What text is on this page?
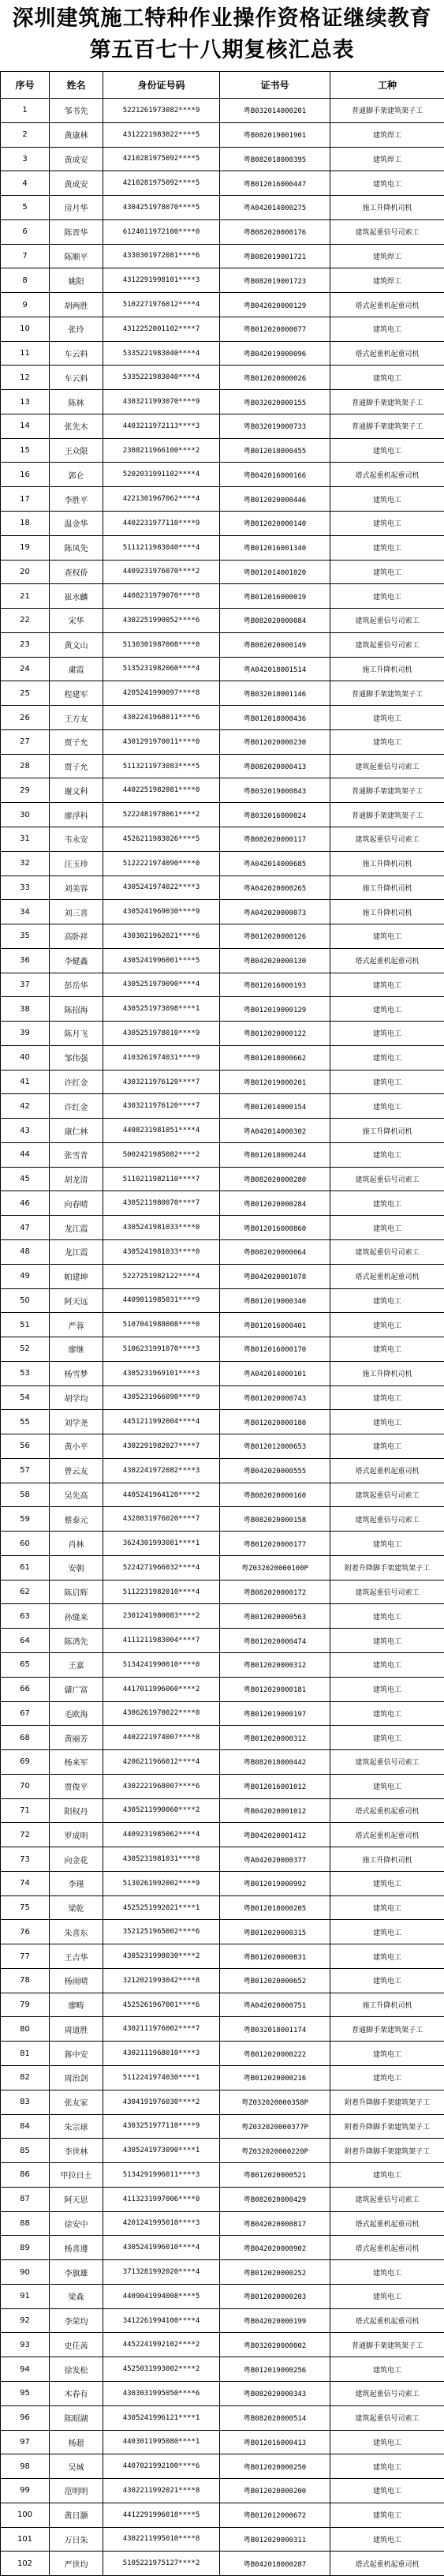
深圳建筑施工特种作业操作资格证继续教育
第五百七十八期复核汇总表
序号	姓名	身份证号码	证书号	工种
1	邹书先	5221261973082****9	粤B032014000201	普通脚手架建筑架子工
2	黄康林	4312221983022****5	粤B082019001901	建筑焊工
3	黄成安	4210281975092****5	粤B082018000395	建筑焊工
4	黄成安	4210281975092****5	粤B012016000447	建筑电工
5	房月华	4304251978070****5	粤A042014000275	施工升降机司机
6	陈晋华	6124011972100****0	粤B082020000176	建筑起重信号司索工
7	陈顺平	4330301972081****6	粤B082019001721	建筑焊工
8	姚阳	4312291998101****3	粤B082019001723	建筑焊工
9	胡两胜	5102271976012****4	粤B042020000129	塔式起重机起重司机
10	张玲	4312252001102****7	粤B012020000077	建筑电工
11	车云料	5335221983040****4	粤B042019000096	塔式起重机起重司机
12	车云料	5335221983040****4	粤B012020000026	建筑电工
13	陈林	4303211993070****9	粤B032020000155	普通脚手架建筑架子工
14	张先木	4403211972113****3	粤B032019000733	普通脚手架建筑架子工
15	王众限	2308211966100****2	粤B012018000455	建筑电工
16	郭仑	5202031991102****4	粤B042016000166	塔式起重机起重司机
17	李胜平	4221301967062****4	粤B012020000446	建筑电工
18	温金华	4402231977110****9	粤B012020000140	建筑电工
19	陈凤先	5111211983040****4	粤B012016001340	建筑电工
20	查权侨	4409231976070****2	粤B012014001020	建筑电工
21	崔水麟	4408231979070****8	粤B012016000019	建筑电工
22	宋华	4302251990052****6	粤B082020000084	建筑起重信号司索工
23	黄文山	5130301987008****0	粤B082020000149	建筑起重信号司索工
24	粛霞	5135231982060****4	粤A042018001514	施工升降机司机
25	程建军	4205241990097****8	粤B032018001146	普通脚手架建筑架子工
26	王方友	4302241968011****6	粤B012018000436	建筑电工
27	贾子允	4301291970011****0	粤B012020000230	建筑电工
28	贾子允	5113211973083****5	粤B082020000413	建筑起重信号司索工
29	谢文科	4402251982081****0	粤B032019000843	普通脚手架建筑架子工
30	廖浮科	5222481978061****2	粤B032016000024	普通脚手架建筑架子工
31	韦永安	4526211983026****5	粤B082020000117	建筑起重信号司索工
32	汪玉珍	5122221974090****0	粤A042014000685	施工升降机司机
33	刘美容	4305241974022****3	粤A042020000265	施工升降机司机
34	刘三喜	4305241969030****9	粤A042020000073	施工升降机司机
35	高卧祥	4303021962021****6	粤B012020000126	建筑电工
36	李健鑫	4305241996001****5	粤B042020000130	塔式起重机起重司机
37	彭岳华	4305251979090****4	粤B012016000193	建筑电工
38	陈招海	4305251973098****1	粤B012019000129	建筑电工
39	陈月飞	4305251978010****9	粤B012020000122	建筑电工
40	邹伟强	4103261974031****9	粤B012018000662	建筑电工
41	许红金	4303211976120****7	粤B012019000201	建筑电工
42	许红金	4303211976120****7	粤B012014000154	建筑电工
43	康仁林	4408231981051****4	粤A042014000302	施工升降机司机
44	张雪青	5002421985082****2	粤B012018000244	建筑电工
45	胡龙清	5110211982110****7	粤B082020000280	建筑起重信号司索工
46	向春晴	4305211980070****7	粤B012020000284	建筑电工
47	龙江霞	4305241981033****0	粤B012016000860	建筑电工
48	龙江霞	4305241981033****0	粤B082020000064	建筑起重信号司索工
49	帕建坤	5227251982122****4	粤B042020001078	塔式起重机起重司机
50	阿天远	4409811985031****9	粤B012019000340	建筑电工
51	严蓉	5107041988008****0	粤B012016000401	建筑电工
52	廖继	5106231991070****3	粤B012016000170	建筑电工
53	杨雪梦	4305231969101****3	粤A042014000101	施工升降机司机
54	胡学均	4305231966090****9	粤B012020000743	建筑电工
55	刘学尧	4451211992004****4	粤B012020000180	建筑电工
56	黄小平	4302291982027****7	粤B012012000653	建筑电工
57	曾云友	4302241972082****3	粤B042020000555	塔式起重机起重司机
58	吴先高	4405241964120****2	粤B082020000160	建筑起重信号司索工
59	蔡泰元	4328031976020****7	粤B082020000158	建筑起重信号司索工
60	肖林	3624301993081****1	粤B012020000177	建筑电工
61	安朝	5224271966032****4	粤Z032020000100P	附着升降脚手架建筑架子工
62	陈启辉	5112231982010****4	粤B082020000172	建筑起重信号司索工
63	孙缝来	2301241980083****2	粤B012020000563	建筑电工
64	陈鸿先	4111211983004****7	粤B012020000474	建筑电工
65	王嘉	5134241990010****0	粤B012020000312	建筑电工
66	儲广富	4417011996060****2	粤B012020000181	建筑电工
67	毛欧海	4306261970022****0	粤B012019000197	建筑电工
68	黄丽芳	4402221974007****8	粤B012020000312	建筑电工
69	杨来军	4206211966012****4	粤B082018000442	建筑起重信号司索工
70	贾俊平	4302221968007****6	粤B012016001012	建筑电工
71	阳权丹	4305211990060****2	粤B042020001012	塔式起重机起重司机
72	罗成明	4409231985062****4	粤B042020001412	塔式起重机起重司机
73	向金花	4305231981031****8	粤A042020000377	施工升降机司机
74	李瑾	5130261992002****9	粤B012019000992	建筑电工
75	梁乾	4525251992021****1	粤B012018000205	建筑电工
76	朱喜东	3521251965002****6	粤B012020000315	建筑电工
77	王吉华	4305231998030****2	粤B012020000831	建筑电工
78	杨雨晴	3212021993042****8	粤B012020000652	建筑电工
79	廖畴	4525261967001****6	粤A042020000751	施工升降机司机
80	周道胜	4302111976002****7	粤B032018001174	普通脚手架建筑架子工
81	蒋中安	4302111968010****3	粤B012020000222	建筑电工
82	周治剑	5112241974030****1	粤B012020000216	建筑电工
83	张友家	4304191976030****2	粤Z032020000358P	附着升降脚手架建筑架子工
84	朱宗球	4303251977110****9	粤Z032020000377P	附着升降脚手架建筑架子工
85	李世林	4305241973090****1	粤Z032020000220P	附着升降脚手架建筑架子工
86	甲拉日土	5134291996011****3	粤B012020000521	建筑电工
87	阿天思	4113231997006****0	粤B082020000429	建筑起重信号司索工
88	徐安中	4201241995010****3	粤B042020000817	塔式起重机起重司机
89	杨喜遵	4305241996010****4	粤B042020000902	塔式起重机起重司机
90	李旗雄	3713281992020****4	粤B012020000252	建筑电工
91	梁森	4409041994008****5	粤B012020000203	建筑电工
92	李荣均	3412261994100****4	粤B042020000199	塔式起重机起重司机
93	史任茜	4452241992102****2	粤B032020000002	普通脚手架建筑架子工
94	徐发松	4525031993002****2	粤B012019000256	建筑电工
95	木春有	4303031995050****6	粤B082020000343	建筑起重信号司索工
96	陈昭湖	4305241996121****1	粤B082020000514	建筑起重信号司索工
97	杨超	4403011995080****1	粤B012016000413	建筑电工
98	吴城	4407021992100****6	粤B012020000250	建筑电工
99	范明明	4302211992021****8	粤B012020000200	建筑电工
100	黄日灏	4412291996018****5	粤B012012000672	建筑电工
101	万日朱	4302211995010****8	粤B012020000311	建筑电工
102	严世均	5105221975127****2	粤B042018000287	塔式起重机起重司机
